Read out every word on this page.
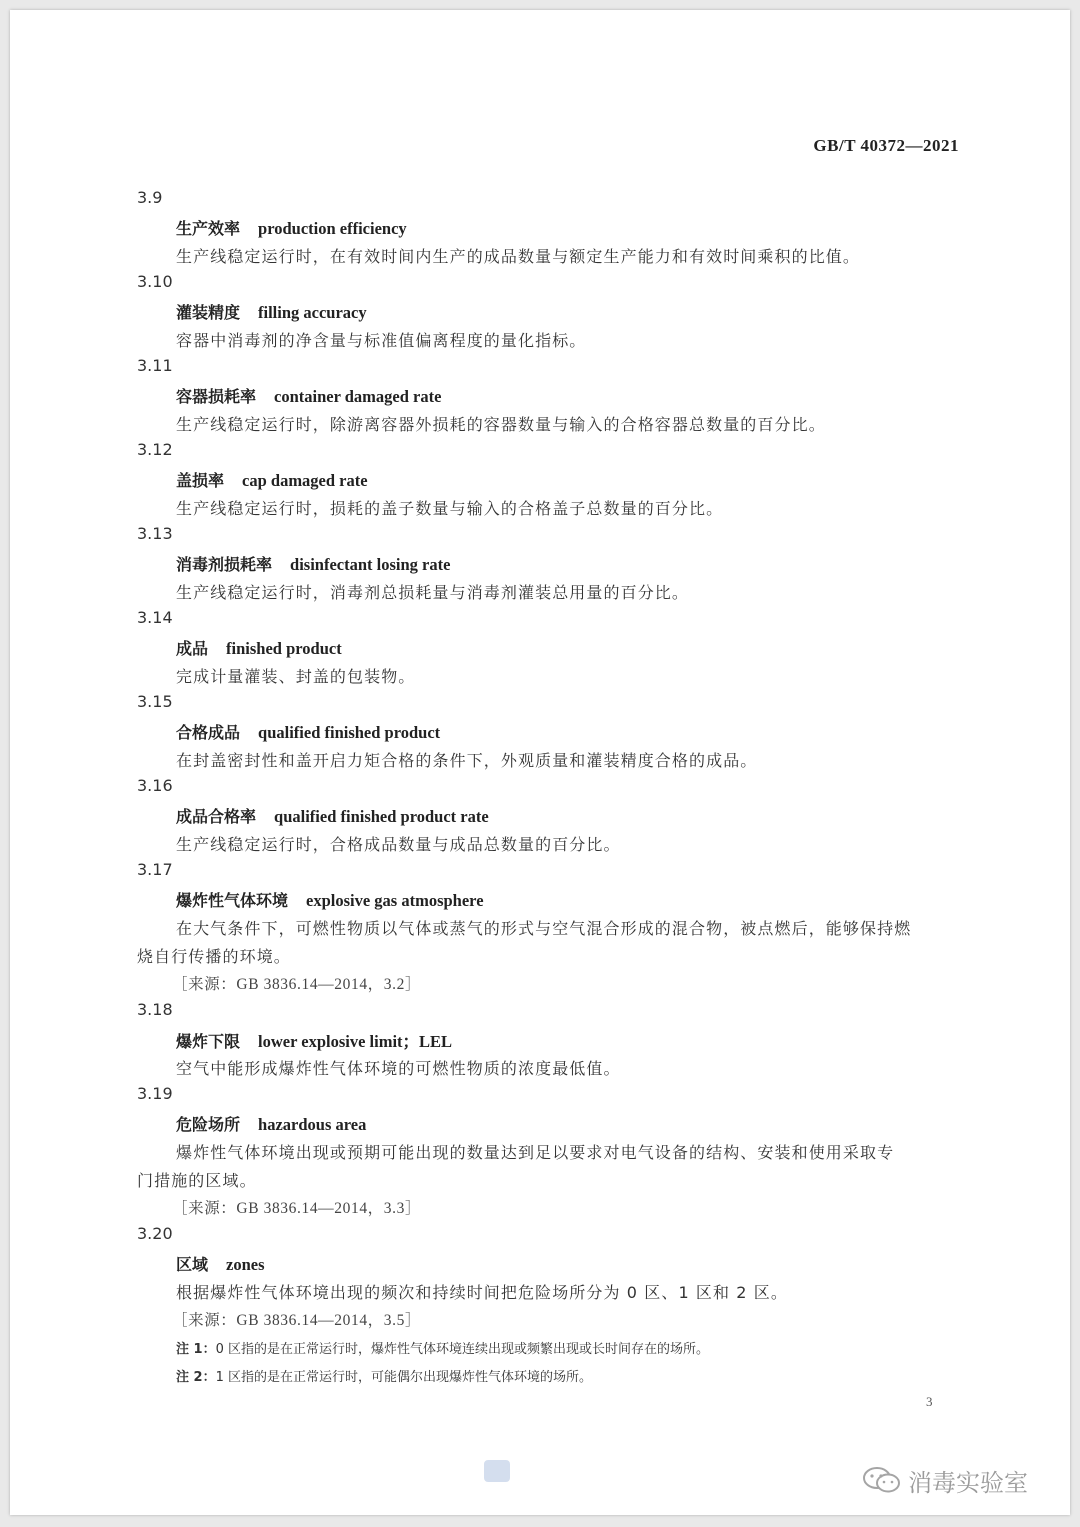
GB/T 40372—2021
3.9
生产效率 production efficiency
生产线稳定运行时，在有效时间内生产的成品数量与额定生产能力和有效时间乘积的比值。
3.10
灌装精度 filling accuracy
容器中消毒剂的净含量与标准值偏离程度的量化指标。
3.11
容器损耗率 container damaged rate
生产线稳定运行时，除游离容器外损耗的容器数量与输入的合格容器总数量的百分比。
3.12
盖损率 cap damaged rate
生产线稳定运行时，损耗的盖子数量与输入的合格盖子总数量的百分比。
3.13
消毒剂损耗率 disinfectant losing rate
生产线稳定运行时，消毒剂总损耗量与消毒剂灌装总用量的百分比。
3.14
成品 finished product
完成计量灌装、封盖的包装物。
3.15
合格成品 qualified finished product
在封盖密封性和盖开启力矩合格的条件下，外观质量和灌装精度合格的成品。
3.16
成品合格率 qualified finished product rate
生产线稳定运行时，合格成品数量与成品总数量的百分比。
3.17
爆炸性气体环境 explosive gas atmosphere
在大气条件下，可燃性物质以气体或蒸气的形式与空气混合形成的混合物，被点燃后，能够保持燃
烧自行传播的环境。
［来源：GB 3836.14—2014，3.2］
3.18
爆炸下限 lower explosive limit；LEL
空气中能形成爆炸性气体环境的可燃性物质的浓度最低值。
3.19
危险场所 hazardous area
爆炸性气体环境出现或预期可能出现的数量达到足以要求对电气设备的结构、安装和使用采取专
门措施的区域。
［来源：GB 3836.14—2014，3.3］
3.20
区域 zones
根据爆炸性气体环境出现的频次和持续时间把危险场所分为 0 区、1 区和 2 区。
［来源：GB 3836.14—2014，3.5］
注 1：0 区指的是在正常运行时，爆炸性气体环境连续出现或频繁出现或长时间存在的场所。
注 2：1 区指的是在正常运行时，可能偶尔出现爆炸性气体环境的场所。
3
消毒实验室
